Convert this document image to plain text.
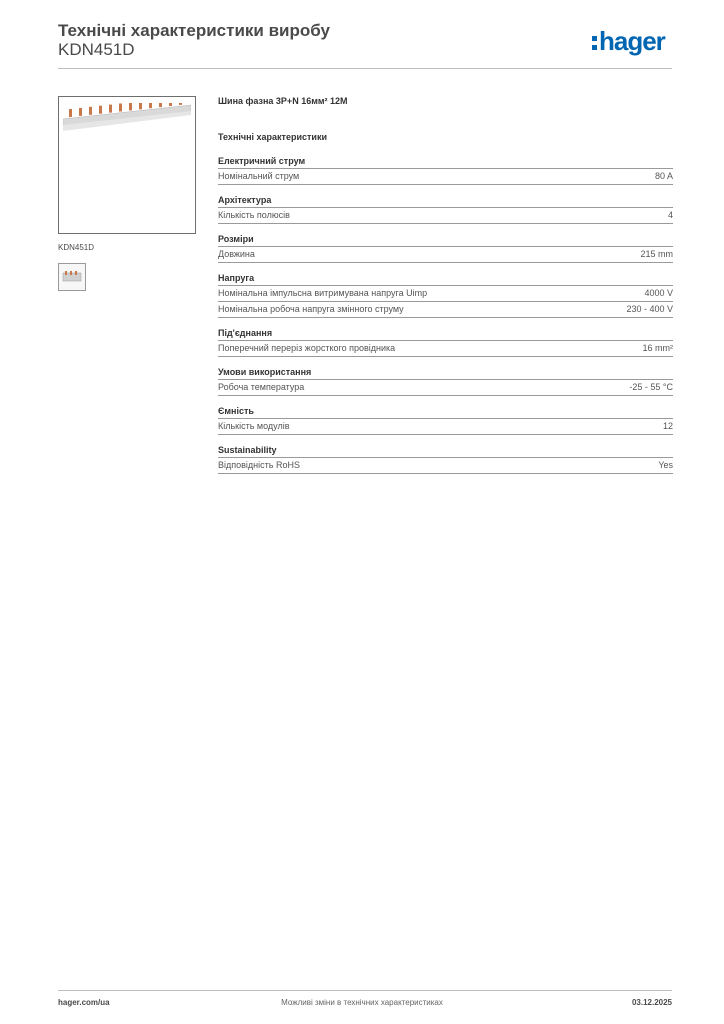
Технічні характеристики виробу
KDN451D	hager
KDN451D
Шина фазна 3P+N 16мм² 12M
Технічні характеристики
Електричний струм
Номінальний струм	80 A
Архітектура
Кількість полюсів	4
Розміри
Довжина	215 mm
Напруга
Номінальна імпульсна витримувана напруга Uimp	4000 V
Номінальна робоча напруга змінного струму	230 - 400 V
Під'єднання
Поперечний переріз жорсткого провідника	16 mm²
Умови використання
Робоча температура	-25 - 55 °C
Ємність
Кількість модулів	12
Sustainability
Відповідність RoHS	Yes
hager.com/ua	Можливі зміни в технічних характеристиках	03.12.2025
